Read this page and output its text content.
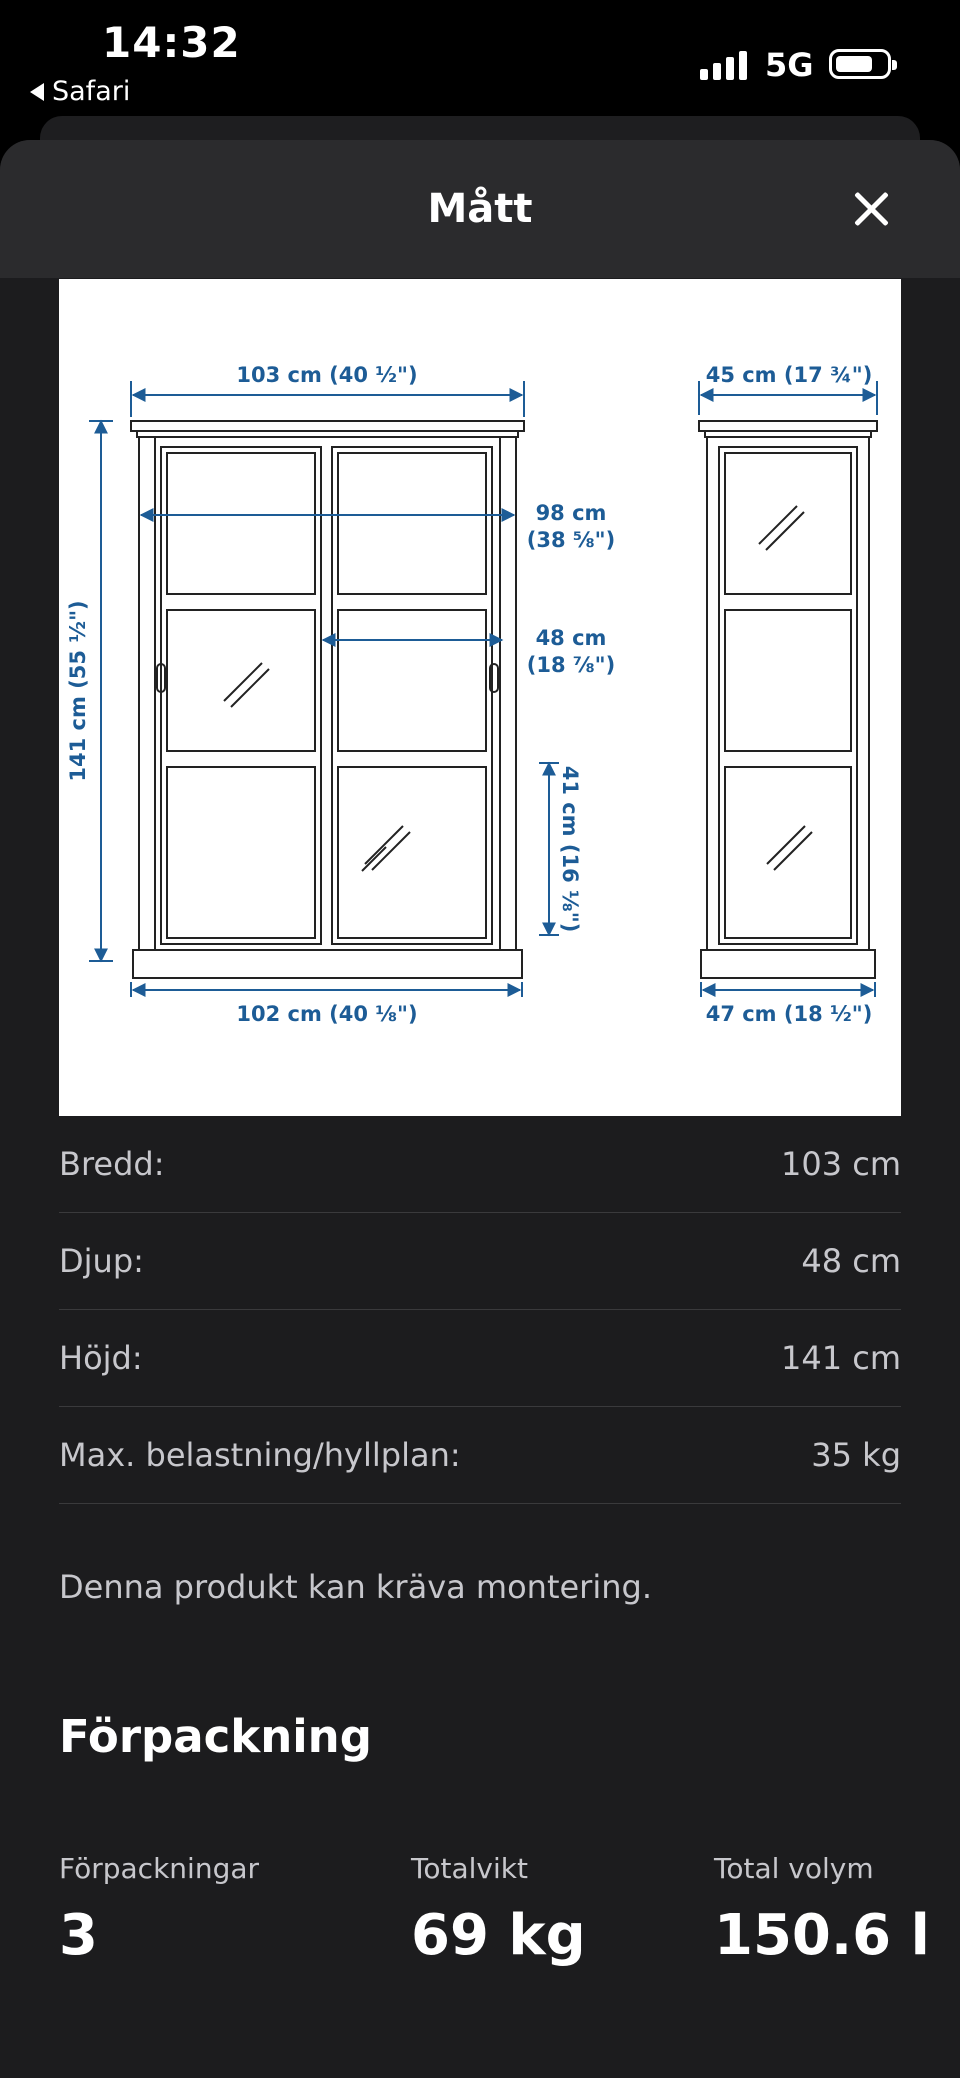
14:32
Safari
5G
Mått
103 cm (40 ½")
98 cm
(38 ⅝")
48 cm
(18 ⅞")
41 cm (16 ⅛")
141 cm (55 ½")
102 cm (40 ⅛")
45 cm (17 ¾")
47 cm (18 ½")
Bredd:	103 cm
Djup:	48 cm
Höjd:	141 cm
Max. belastning/hyllplan:	35 kg
Denna produkt kan kräva montering.
Förpackning
Förpackningar
3
Totalvikt
69 kg
Total volym
150.6 l
